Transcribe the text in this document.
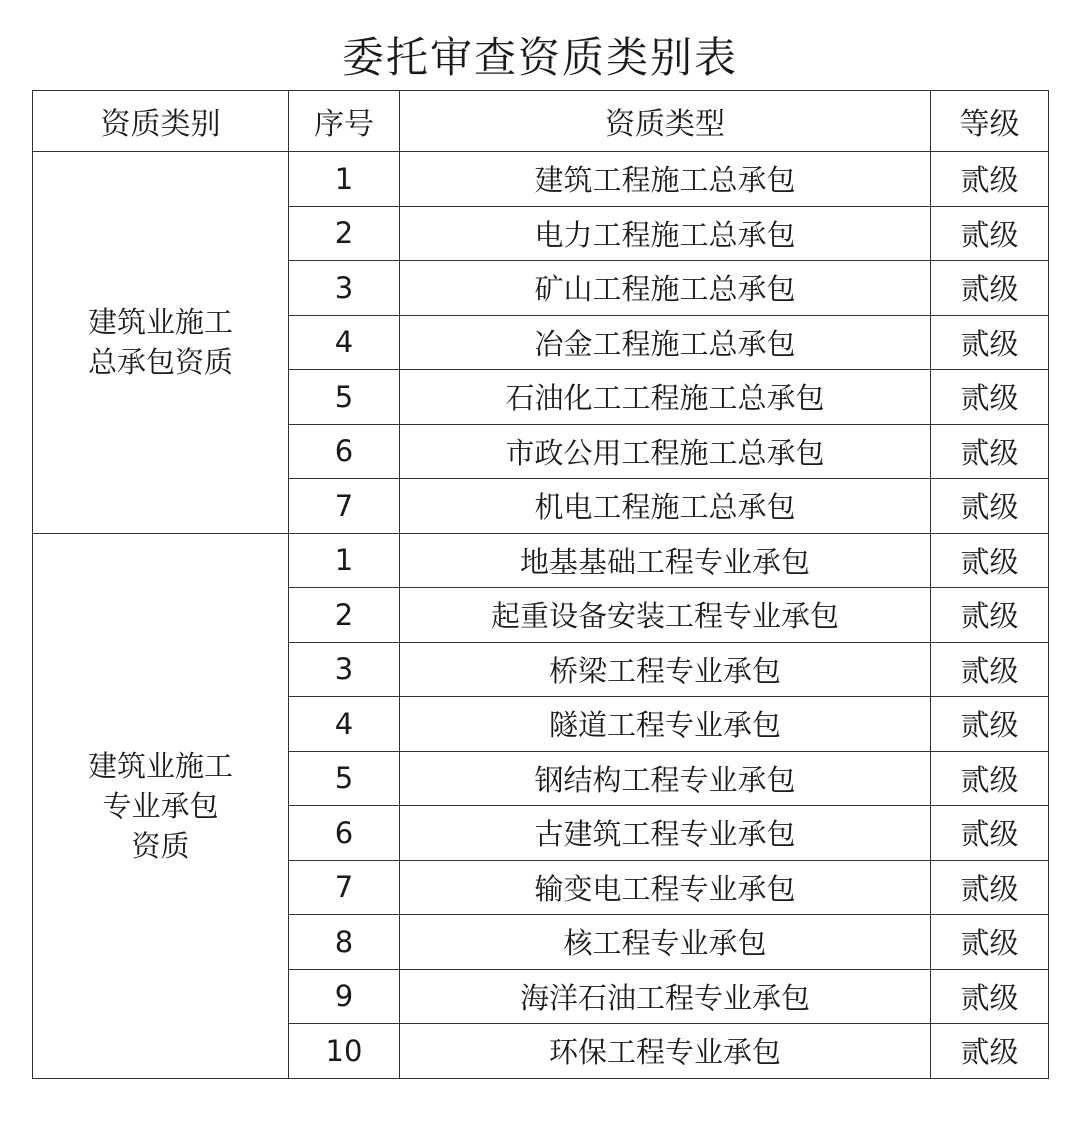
委托审查资质类别表
资质类别	序号	资质类型	等级

建筑业施工
总承包资质	1	建筑工程施工总承包	贰级
	2	电力工程施工总承包	贰级
	3	矿山工程施工总承包	贰级
	4	冶金工程施工总承包	贰级
	5	石油化工工程施工总承包	贰级
	6	市政公用工程施工总承包	贰级
	7	机电工程施工总承包	贰级

建筑业施工
专业承包
资质	1	地基基础工程专业承包	贰级
	2	起重设备安装工程专业承包	贰级
	3	桥梁工程专业承包	贰级
	4	隧道工程专业承包	贰级
	5	钢结构工程专业承包	贰级
	6	古建筑工程专业承包	贰级
	7	输变电工程专业承包	贰级
	8	核工程专业承包	贰级
	9	海洋石油工程专业承包	贰级
	10	环保工程专业承包	贰级
